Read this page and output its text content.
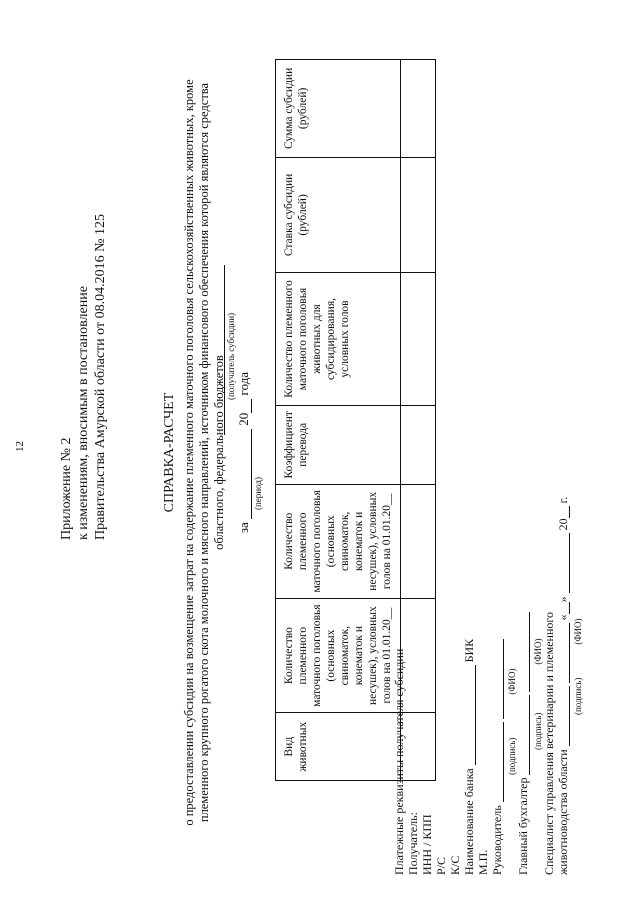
12 Приложение № 2 к изменениям, вносимым в постановление Правительства Амурской области от 08.04.2016 № 125	СПРАВКА-РАСЧЕТ о предоставлении субсидии на возмещение затрат на содержание племенного маточного поголовья сельскохозяйственных животных, кроме племенного крупного рогатого скота молочного и мясного направлений, источником финансового обеспечения которой являются средства областного, федерального бюджетов (получатель субсидии)
за  20 года
(период)
Вид животных	Количество племенного маточного поголовья (основных свиноматок, конематок и несушек), условных голов на 01.01.20__	Количество племенного маточного поголовья (основных свиноматок, конематок и несушек), условных голов на 01.01.20__	Коэффициент перевода	Количество племенного маточного поголовья животных для субсидирования, условных голов	Ставка субсидии (рублей)	Сумма субсидии (рублей)

Платежные реквизиты получателя субсидии Получатель: ИНН / КПП Р/С К/С Наименование банка  БИК
М.П. Руководитель
(подпись) (ФИО)
Главный бухгалтер
(подпись) (ФИО) Специалист управления ветеринарии и племенного животноводства области   «»  20 г.
(подпись) (ФИО)
